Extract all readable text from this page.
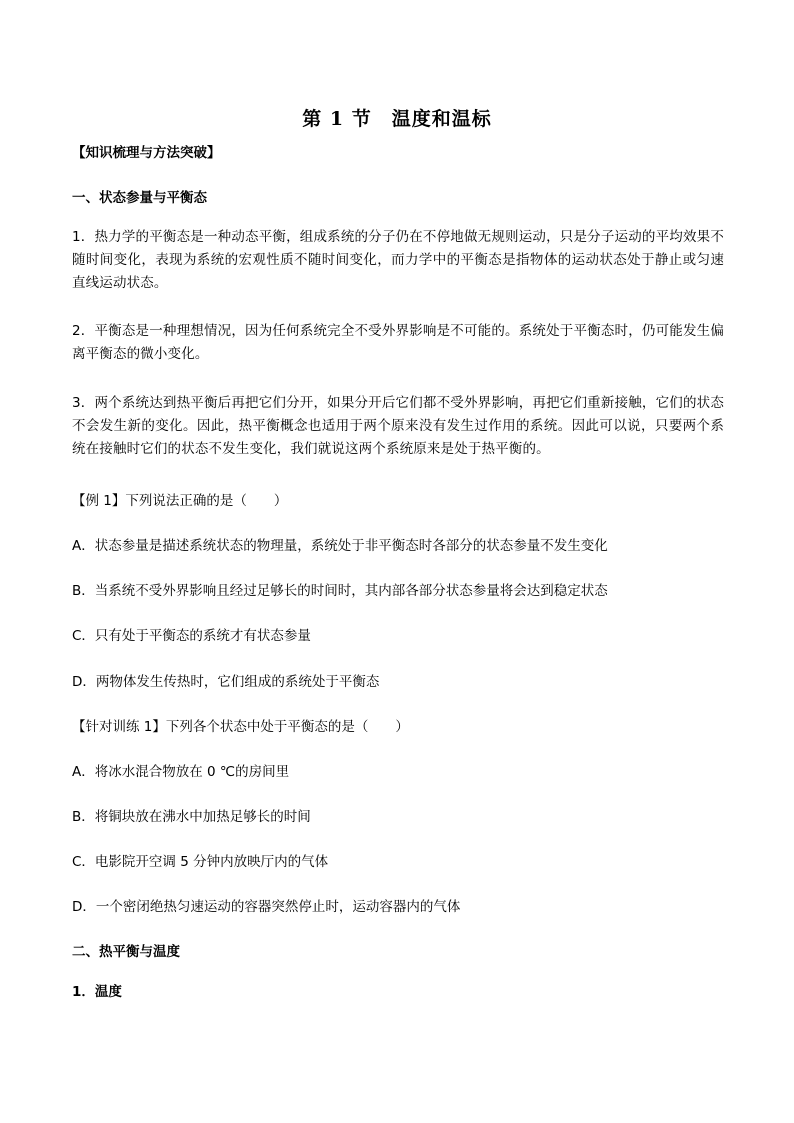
第 1 节　温度和温标
【知识梳理与方法突破】
一、状态参量与平衡态
1．热力学的平衡态是一种动态平衡，组成系统的分子仍在不停地做无规则运动，只是分子运动的平均效果不随时间变化，表现为系统的宏观性质不随时间变化，而力学中的平衡态是指物体的运动状态处于静止或匀速直线运动状态。
2．平衡态是一种理想情况，因为任何系统完全不受外界影响是不可能的。系统处于平衡态时，仍可能发生偏离平衡态的微小变化。
3．两个系统达到热平衡后再把它们分开，如果分开后它们都不受外界影响，再把它们重新接触，它们的状态不会发生新的变化。因此，热平衡概念也适用于两个原来没有发生过作用的系统。因此可以说，只要两个系统在接触时它们的状态不发生变化，我们就说这两个系统原来是处于热平衡的。
【例 1】下列说法正确的是（　　）
A．状态参量是描述系统状态的物理量，系统处于非平衡态时各部分的状态参量不发生变化
B．当系统不受外界影响且经过足够长的时间时，其内部各部分状态参量将会达到稳定状态
C．只有处于平衡态的系统才有状态参量
D．两物体发生传热时，它们组成的系统处于平衡态
【针对训练 1】下列各个状态中处于平衡态的是（　　）
A．将冰水混合物放在 0 ℃的房间里
B．将铜块放在沸水中加热足够长的时间
C．电影院开空调 5 分钟内放映厅内的气体
D．一个密闭绝热匀速运动的容器突然停止时，运动容器内的气体
二、热平衡与温度
1．温度
